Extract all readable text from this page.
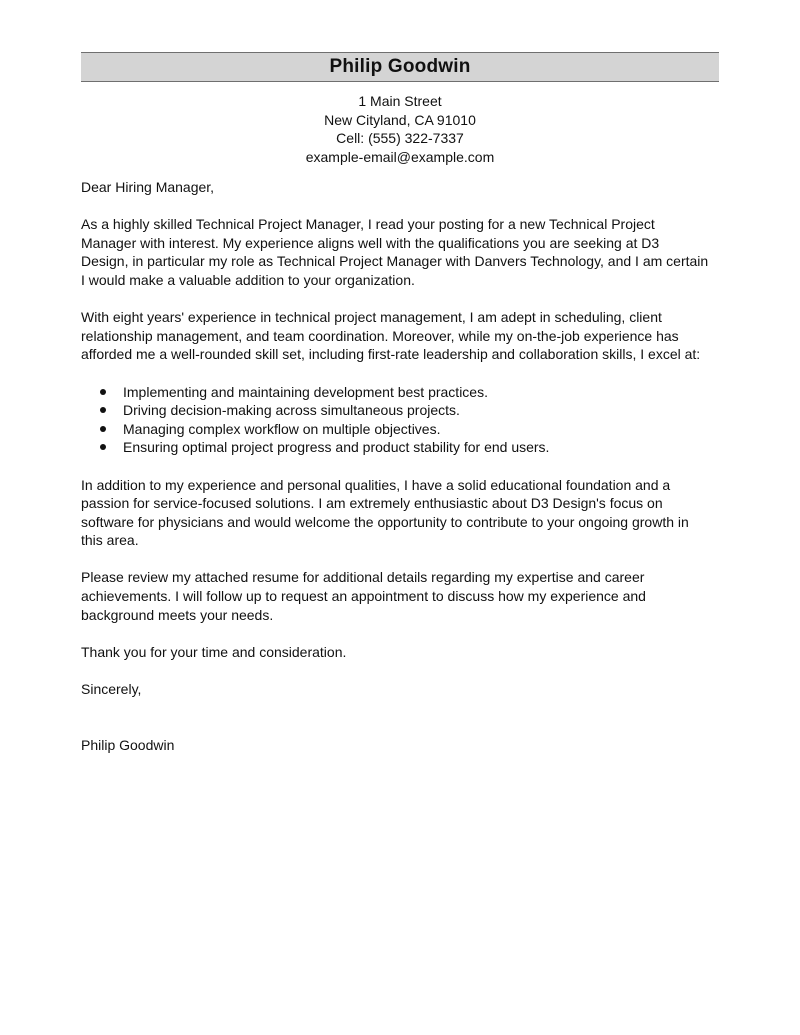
Philip Goodwin
1 Main Street
New Cityland, CA 91010
Cell: (555) 322-7337
example-email@example.com

Dear Hiring Manager,

As a highly skilled Technical Project Manager, I read your posting for a new Technical Project
Manager with interest. My experience aligns well with the qualifications you are seeking at D3
Design, in particular my role as Technical Project Manager with Danvers Technology, and I am certain
I would make a valuable addition to your organization.

With eight years' experience in technical project management, I am adept in scheduling, client
relationship management, and team coordination. Moreover, while my on-the-job experience has
afforded me a well-rounded skill set, including first-rate leadership and collaboration skills, I excel at:

Implementing and maintaining development best practices.
Driving decision-making across simultaneous projects.
Managing complex workflow on multiple objectives.
Ensuring optimal project progress and product stability for end users.

In addition to my experience and personal qualities, I have a solid educational foundation and a
passion for service-focused solutions. I am extremely enthusiastic about D3 Design's focus on
software for physicians and would welcome the opportunity to contribute to your ongoing growth in
this area.

Please review my attached resume for additional details regarding my expertise and career
achievements. I will follow up to request an appointment to discuss how my experience and
background meets your needs.

Thank you for your time and consideration.

Sincerely,

Philip Goodwin
